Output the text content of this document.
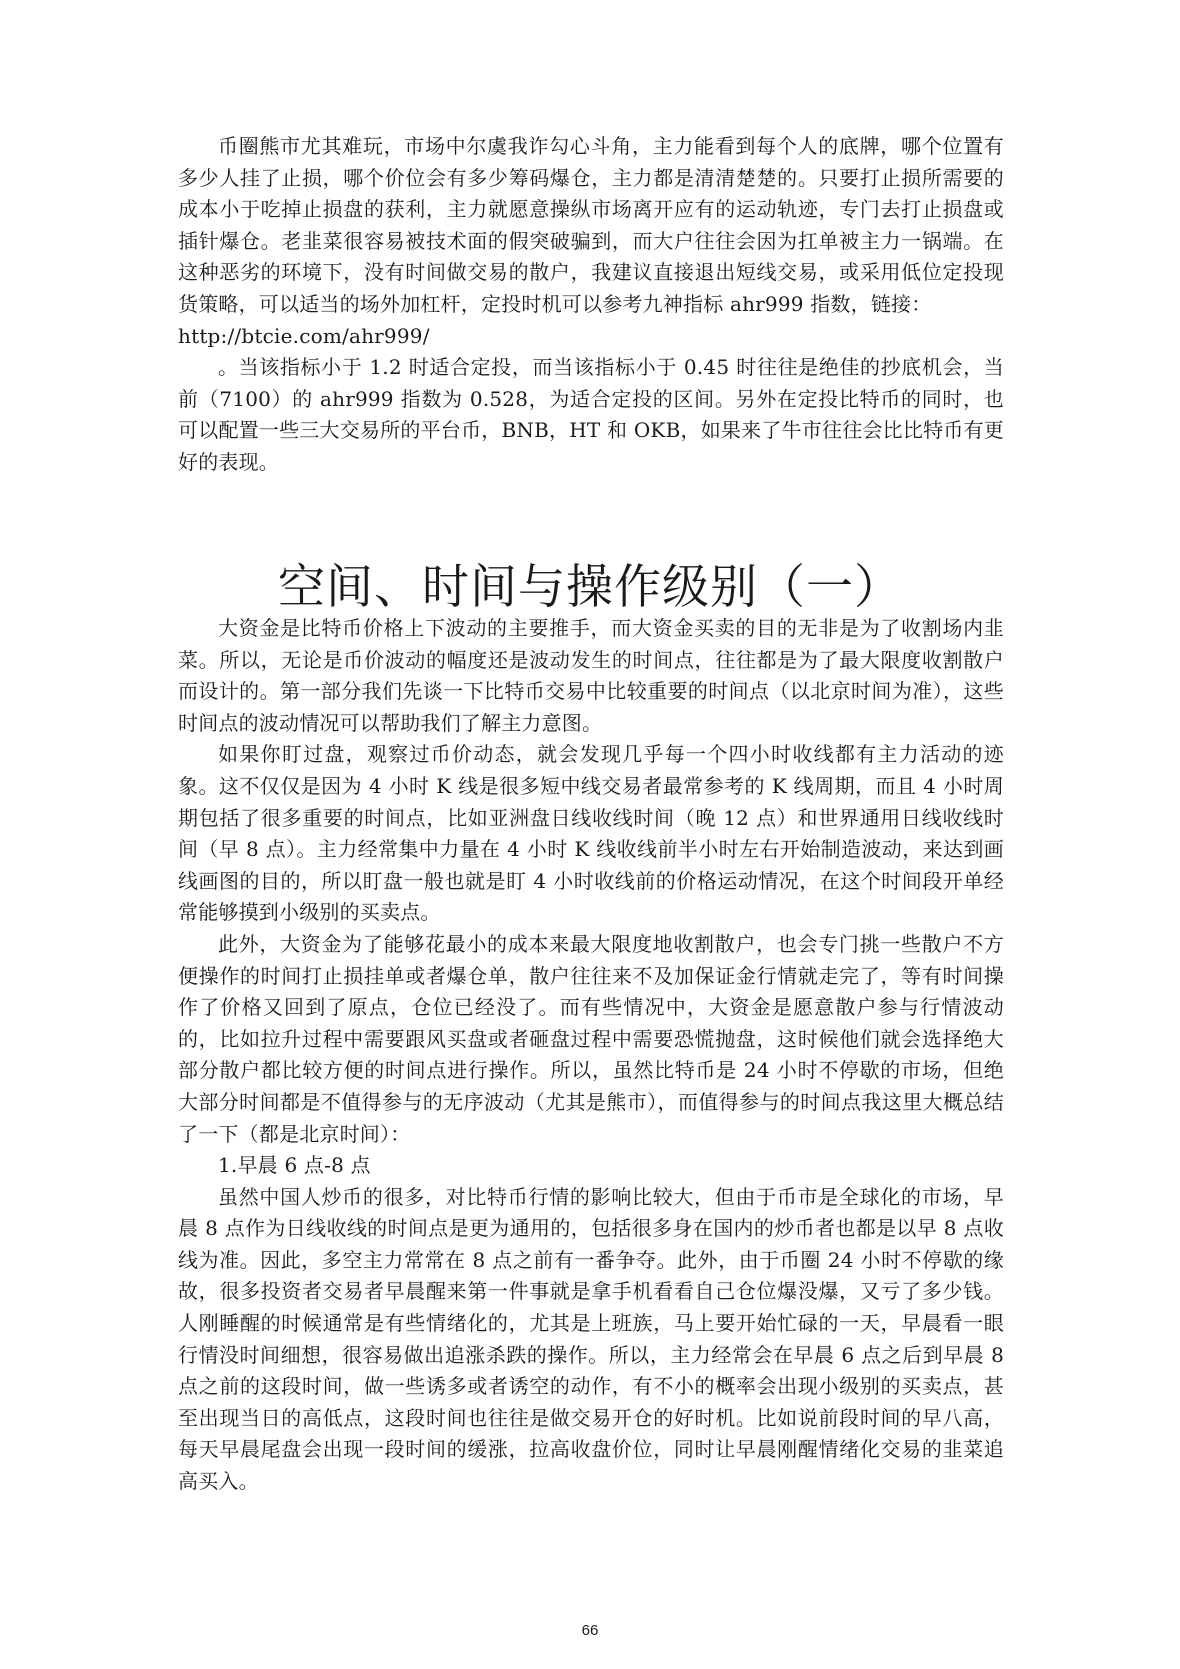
币圈熊市尤其难玩，市场中尔虞我诈勾心斗角，主力能看到每个人的底牌，哪个位置有多少人挂了止损，哪个价位会有多少筹码爆仓，主力都是清清楚楚的。只要打止损所需要的成本小于吃掉止损盘的获利，主力就愿意操纵市场离开应有的运动轨迹，专门去打止损盘或插针爆仓。老韭菜很容易被技术面的假突破骗到，而大户往往会因为扛单被主力一锅端。在这种恶劣的环境下，没有时间做交易的散户，我建议直接退出短线交易，或采用低位定投现货策略，可以适当的场外加杠杆，定投时机可以参考九神指标 ahr999 指数，链接：

http://btcie.com/ahr999/

。当该指标小于 1.2 时适合定投，而当该指标小于 0.45 时往往是绝佳的抄底机会，当前（7100）的 ahr999 指数为 0.528，为适合定投的区间。另外在定投比特币的同时，也可以配置一些三大交易所的平台币，BNB，HT 和 OKB，如果来了牛市往往会比比特币有更好的表现。

空间、时间与操作级别（一）

大资金是比特币价格上下波动的主要推手，而大资金买卖的目的无非是为了收割场内韭菜。所以，无论是币价波动的幅度还是波动发生的时间点，往往都是为了最大限度收割散户而设计的。第一部分我们先谈一下比特币交易中比较重要的时间点（以北京时间为准），这些时间点的波动情况可以帮助我们了解主力意图。

如果你盯过盘，观察过币价动态，就会发现几乎每一个四小时收线都有主力活动的迹象。这不仅仅是因为 4 小时 K 线是很多短中线交易者最常参考的 K 线周期，而且 4 小时周期包括了很多重要的时间点，比如亚洲盘日线收线时间（晚 12 点）和世界通用日线收线时间（早 8 点）。主力经常集中力量在 4 小时 K 线收线前半小时左右开始制造波动，来达到画线画图的目的，所以盯盘一般也就是盯 4 小时收线前的价格运动情况，在这个时间段开单经常能够摸到小级别的买卖点。

此外，大资金为了能够花最小的成本来最大限度地收割散户，也会专门挑一些散户不方便操作的时间打止损挂单或者爆仓单，散户往往来不及加保证金行情就走完了，等有时间操作了价格又回到了原点，仓位已经没了。而有些情况中，大资金是愿意散户参与行情波动的，比如拉升过程中需要跟风买盘或者砸盘过程中需要恐慌抛盘，这时候他们就会选择绝大部分散户都比较方便的时间点进行操作。所以，虽然比特币是 24 小时不停歇的市场，但绝大部分时间都是不值得参与的无序波动（尤其是熊市），而值得参与的时间点我这里大概总结了一下（都是北京时间）：

1.早晨 6 点-8 点

虽然中国人炒币的很多，对比特币行情的影响比较大，但由于币市是全球化的市场，早晨 8 点作为日线收线的时间点是更为通用的，包括很多身在国内的炒币者也都是以早 8 点收线为准。因此，多空主力常常在 8 点之前有一番争夺。此外，由于币圈 24 小时不停歇的缘故，很多投资者交易者早晨醒来第一件事就是拿手机看看自己仓位爆没爆，又亏了多少钱。人刚睡醒的时候通常是有些情绪化的，尤其是上班族，马上要开始忙碌的一天，早晨看一眼行情没时间细想，很容易做出追涨杀跌的操作。所以，主力经常会在早晨 6 点之后到早晨 8 点之前的这段时间，做一些诱多或者诱空的动作，有不小的概率会出现小级别的买卖点，甚至出现当日的高低点，这段时间也往往是做交易开仓的好时机。比如说前段时间的早八高，每天早晨尾盘会出现一段时间的缓涨，拉高收盘价位，同时让早晨刚醒情绪化交易的韭菜追高买入。

66
